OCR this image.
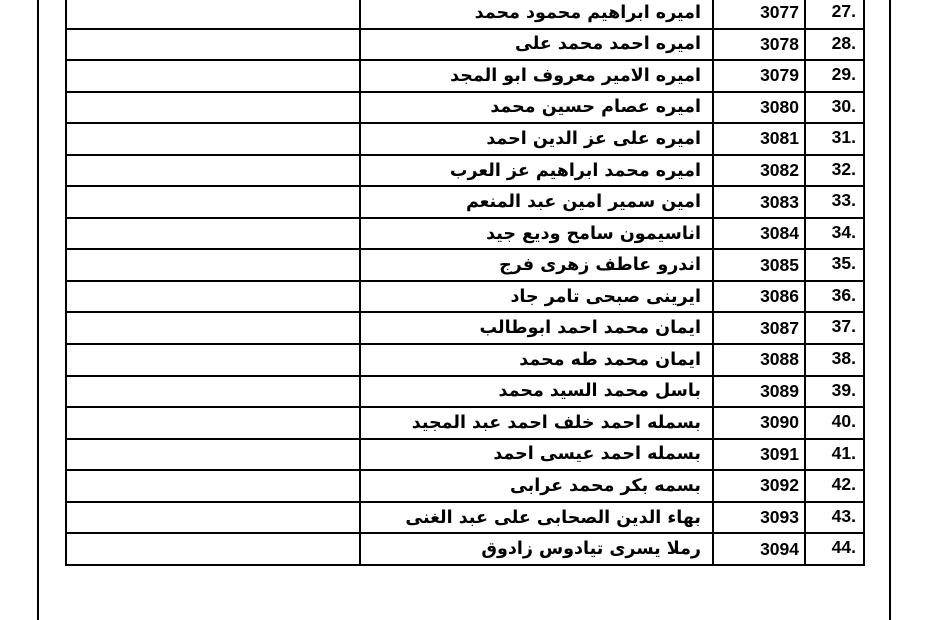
	اميره ابراهيم محمود محمد	3077	27.
	اميره احمد محمد على	3078	28.
	اميره الامير معروف ابو المجد	3079	29.
	اميره عصام حسين محمد	3080	30.
	اميره على عز الدين احمد	3081	31.
	اميره محمد ابراهيم عز العرب	3082	32.
	امين سمير امين عبد المنعم	3083	33.
	اناسيمون سامح وديع جيد	3084	34.
	اندرو عاطف زهرى فرج	3085	35.
	ايرينى صبحى تامر جاد	3086	36.
	ايمان محمد احمد ابوطالب	3087	37.
	ايمان محمد طه محمد	3088	38.
	باسل محمد السيد محمد	3089	39.
	بسمله احمد خلف احمد عبد المجيد	3090	40.
	بسمله احمد عيسى احمد	3091	41.
	بسمه بكر محمد عرابى	3092	42.
	بهاء الدين الصحابى على عبد الغنى	3093	43.
	رملا يسرى تيادوس زادوق	3094	44.
